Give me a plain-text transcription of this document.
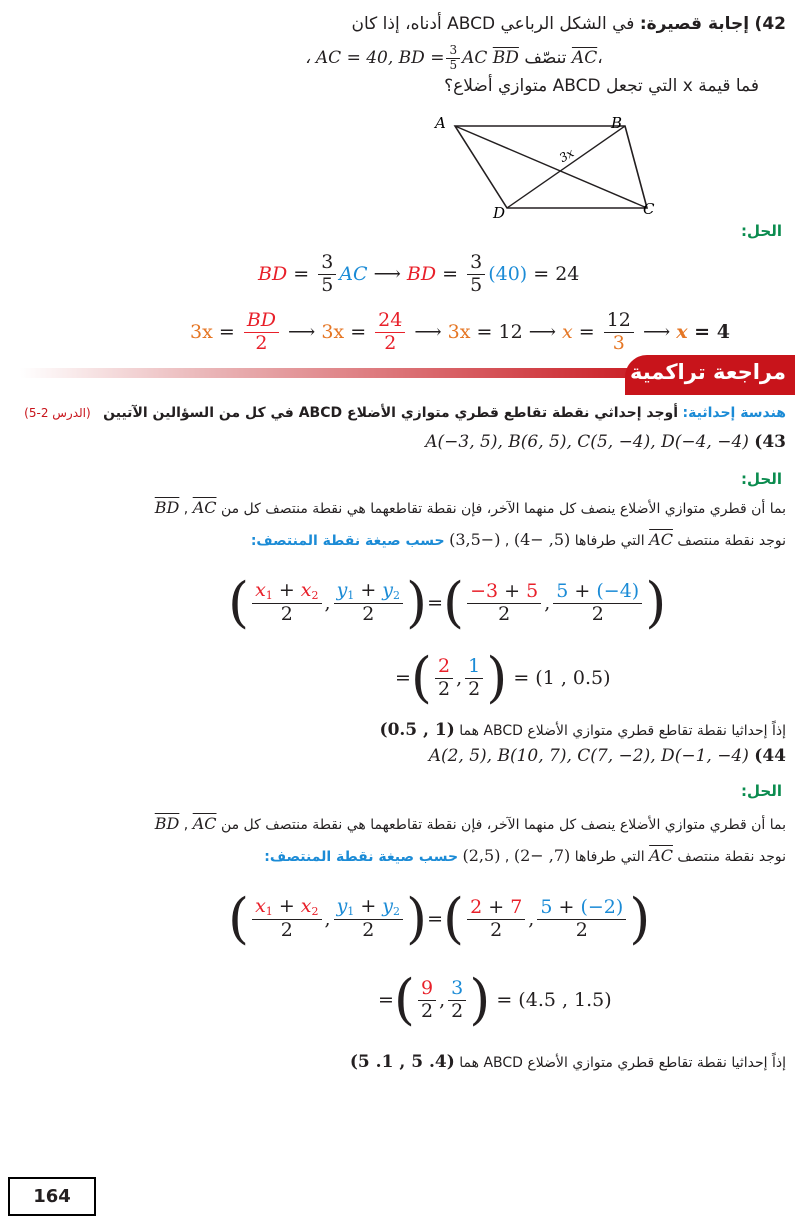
42) إجابة قصيرة: في الشكل الرباعي ABCD أدناه، إذا كان
، AC = 40, BD = $\frac{3}{5}$ AC $\overline{BD}$ تنصّف $\overline{AC}،$
فما قيمة x التي تجعل ABCD متوازي أضلاع؟
A	B
C
D
3x
الحل:
BD = $\frac{3}{5}$ AC ⟶ BD = $\frac{3}{5} (40) = 24$
$3x = \frac{BD}{2}$ ⟶ $3x = \frac{24}{2}$ ⟶ 3x = 12 ⟶ $x = \frac{12}{3}$ ⟶ x = 4
مراجعة تراكمية
هندسة إحداثية: أوجد إحداثي نقطة تقاطع قطري متوازي الأضلاع ABCD في كل من السؤالين الآتيين (الدرس 2-5)
A(−3, 5), B(6, 5), C(5, −4), D(−4, −4) (43
الحل:
بما أن قطري متوازي الأضلاع ينصف كل منهما الآخر، فإن نقطة تقاطعهما هي نقطة منتصف كل من BD , AC
نوجد نقطة منتصف AC التي طرفاها (5, −4) , (−3,5) حسب صيغة نقطة المنتصف:
( $\frac{x_1 + x_2}{2}$ , $\frac{y_1 + y_2}{2}$ ) = ( $\frac{-3 + 5}{2}$ , $\frac{5 + (-4)}{2}$ )
= ( $\frac{2}{2}$ , $\frac{1}{2}$ ) = (1 , 0.5)
إذاً إحداثيا نقطة تقاطع قطري متوازي الأضلاع ABCD هما (1 , 0.5)
A(2, 5), B(10, 7), C(7, −2), D(−1, −4) (44
الحل:
بما أن قطري متوازي الأضلاع ينصف كل منهما الآخر، فإن نقطة تقاطعهما هي نقطة منتصف كل من BD , AC
نوجد نقطة منتصف AC التي طرفاها (7, −2) , (2,5) حسب صيغة نقطة المنتصف:
( $\frac{x_1 + x_2}{2}$ , $\frac{y_1 + y_2}{2}$ ) = ( $\frac{2 + 7}{2}$ , $\frac{5 + (-2)}{2}$ )
= ( $\frac{9}{2}$ , $\frac{3}{2}$ ) = (4.5 , 1.5)
إذاً إحداثيا نقطة تقاطع قطري متوازي الأضلاع ABCD هما (4. 5 , 1. 5)
164
